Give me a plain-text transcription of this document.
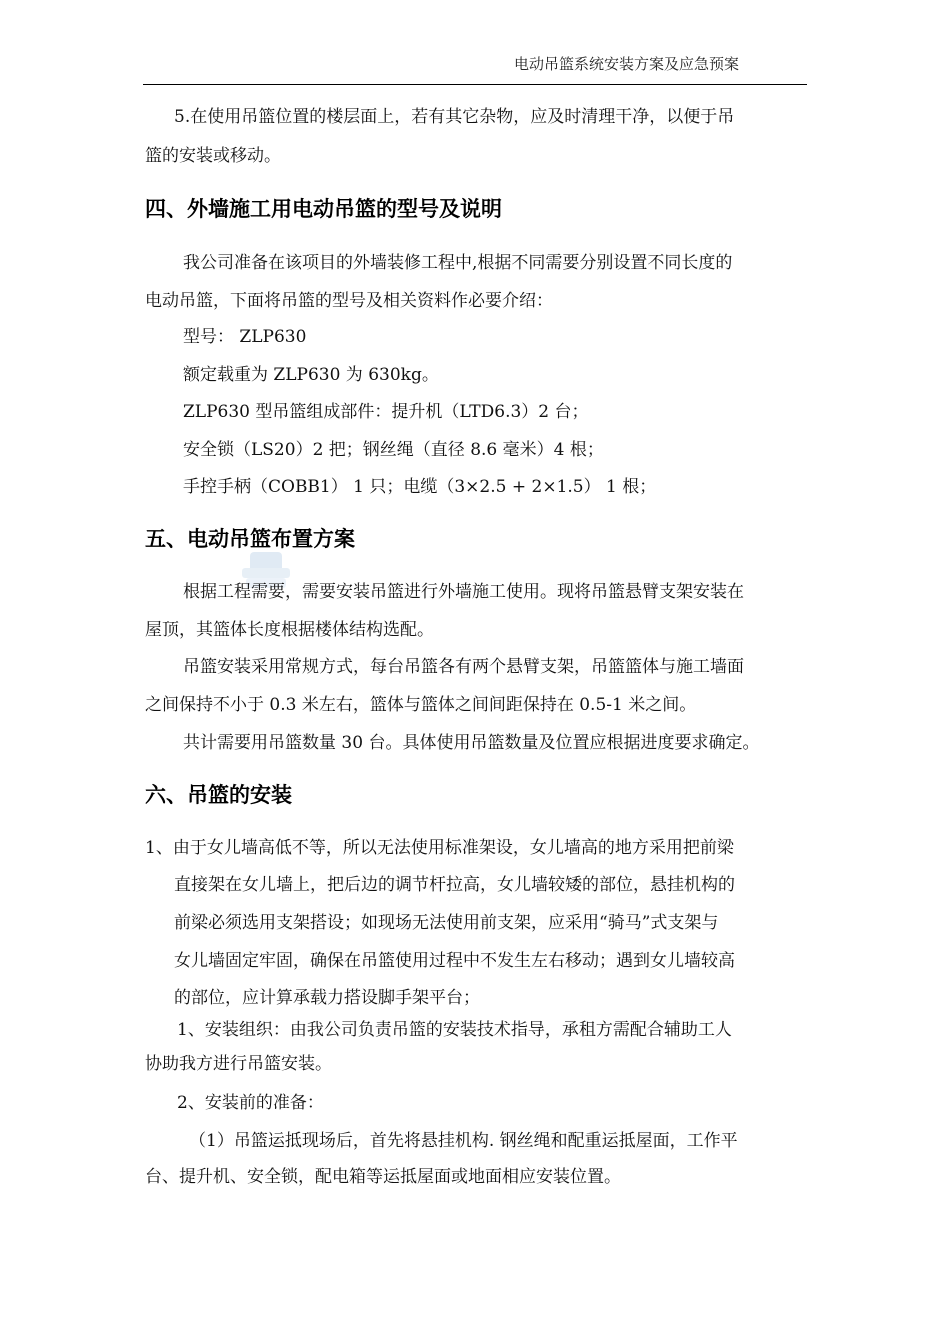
电动吊篮系统安装方案及应急预案
5.在使用吊篮位置的楼层面上，若有其它杂物，应及时清理干净，以便于吊
篮的安装或移动。
四、外墙施工用电动吊篮的型号及说明
我公司准备在该项目的外墙装修工程中,根据不同需要分别设置不同长度的
电动吊篮，下面将吊篮的型号及相关资料作必要介绍：
型号： ZLP630
额定载重为 ZLP630 为 630kg。
ZLP630 型吊篮组成部件：提升机（LTD6.3）2 台；
安全锁（LS20）2 把；钢丝绳（直径 8.6 毫米）4 根；
手控手柄（COBB1） 1 只；电缆（3×2.5 + 2×1.5） 1 根；
五、电动吊篮布置方案
根据工程需要，需要安装吊篮进行外墙施工使用。现将吊篮悬臂支架安装在
屋顶，其篮体长度根据楼体结构选配。
吊篮安装采用常规方式，每台吊篮各有两个悬臂支架，吊篮篮体与施工墙面
之间保持不小于 0.3 米左右，篮体与篮体之间间距保持在 0.5-1 米之间。
共计需要用吊篮数量 30 台。具体使用吊篮数量及位置应根据进度要求确定。
六、吊篮的安装
1、由于女儿墙高低不等，所以无法使用标准架设，女儿墙高的地方采用把前梁
直接架在女儿墙上，把后边的调节杆拉高，女儿墙较矮的部位，悬挂机构的
前梁必须选用支架搭设；如现场无法使用前支架，应采用“骑马”式支架与
女儿墙固定牢固，确保在吊篮使用过程中不发生左右移动；遇到女儿墙较高
的部位，应计算承载力搭设脚手架平台；
1、安装组织：由我公司负责吊篮的安装技术指导，承租方需配合辅助工人
协助我方进行吊篮安装。
2、安装前的准备：
（1）吊篮运抵现场后，首先将悬挂机构. 钢丝绳和配重运抵屋面，工作平
台、提升机、安全锁，配电箱等运抵屋面或地面相应安装位置。
